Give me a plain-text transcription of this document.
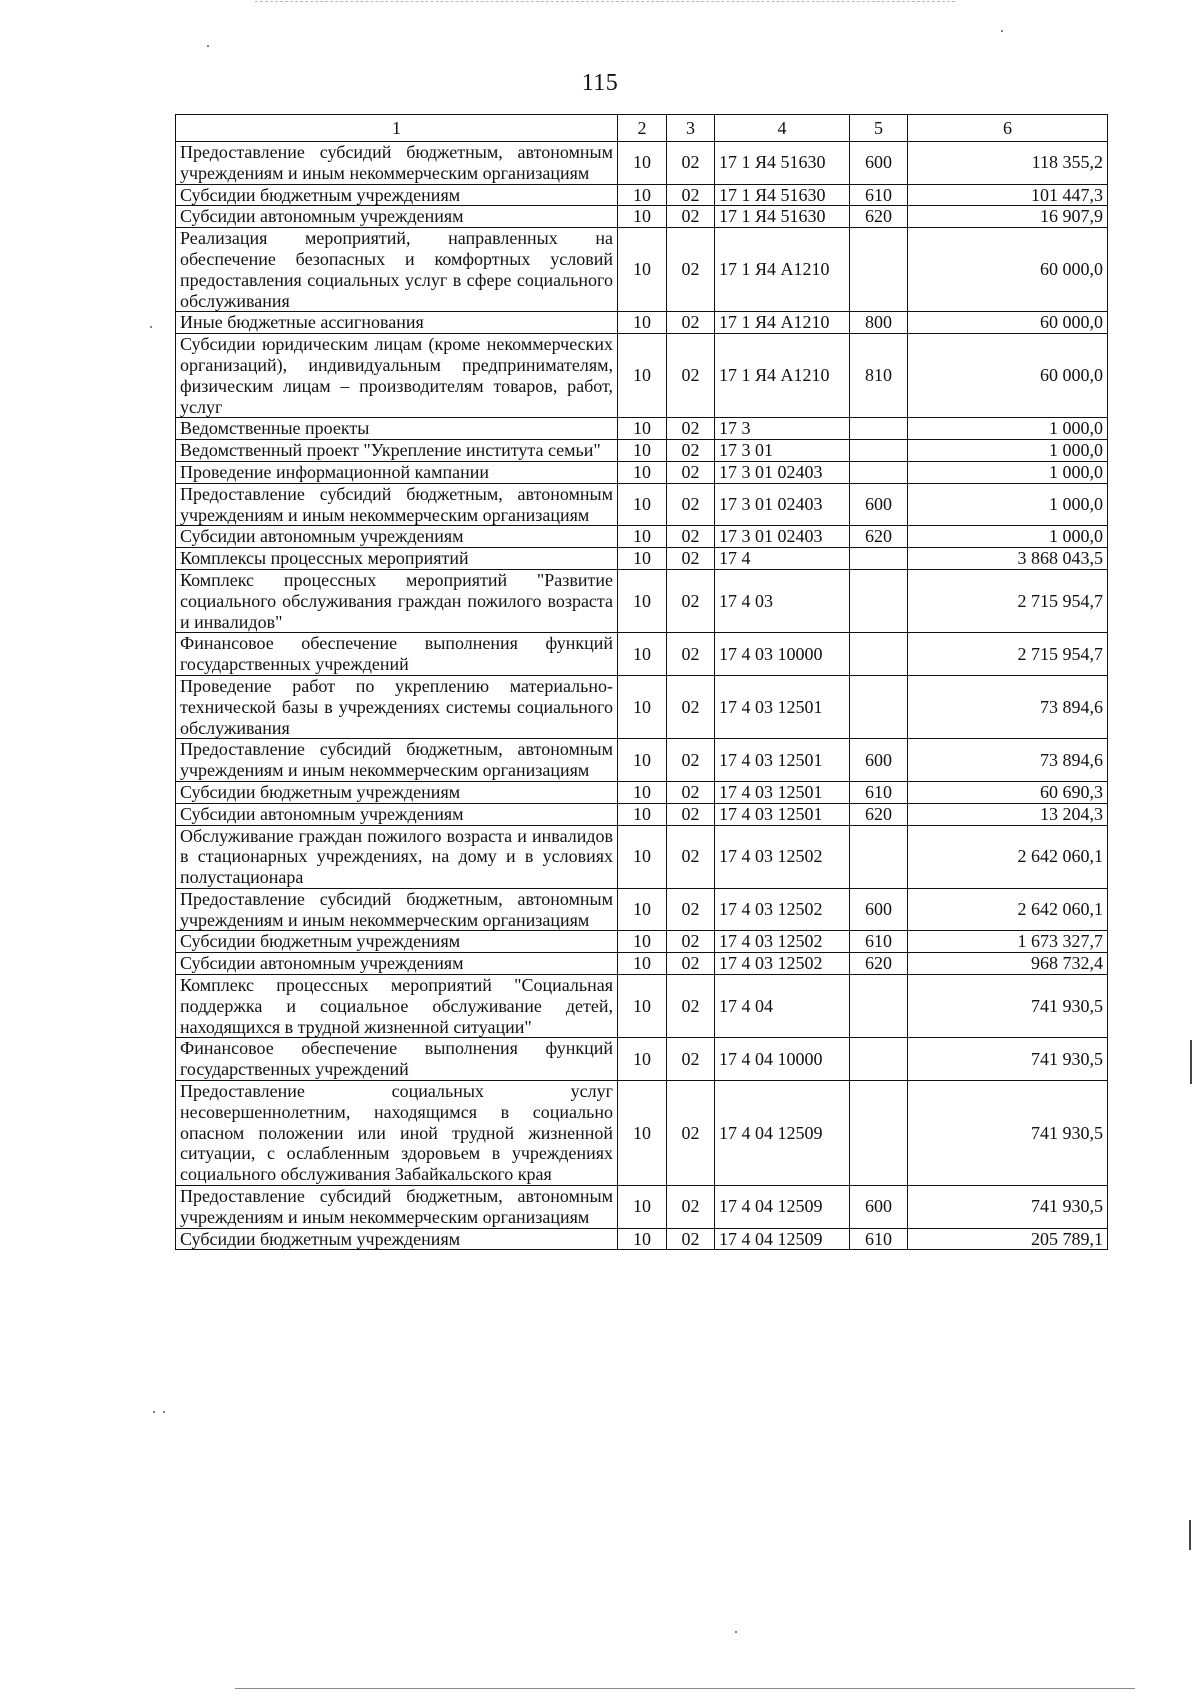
115
1	2	3	4	5	6
Предоставление субсидий бюджетным, автономным учреждениям и иным некоммерческим организациям	10	02	17 1 Я4 51630	600	118 355,2
Субсидии бюджетным учреждениям	10	02	17 1 Я4 51630	610	101 447,3
Субсидии автономным учреждениям	10	02	17 1 Я4 51630	620	16 907,9
Реализация мероприятий, направленных на обеспечение безопасных и комфортных условий предоставления социальных услуг в сфере социального обслуживания	10	02	17 1 Я4 А1210		60 000,0
Иные бюджетные ассигнования	10	02	17 1 Я4 А1210	800	60 000,0
Субсидии юридическим лицам (кроме некоммерческих организаций), индивидуальным предпринимателям, физическим лицам – производителям товаров, работ, услуг	10	02	17 1 Я4 А1210	810	60 000,0
Ведомственные проекты	10	02	17 3		1 000,0
Ведомственный проект "Укрепление института семьи"	10	02	17 3 01		1 000,0
Проведение информационной кампании	10	02	17 3 01 02403		1 000,0
Предоставление субсидий бюджетным, автономным учреждениям и иным некоммерческим организациям	10	02	17 3 01 02403	600	1 000,0
Субсидии автономным учреждениям	10	02	17 3 01 02403	620	1 000,0
Комплексы процессных мероприятий	10	02	17 4		3 868 043,5
Комплекс процессных мероприятий "Развитие социального обслуживания граждан пожилого возраста и инвалидов"	10	02	17 4 03		2 715 954,7
Финансовое обеспечение выполнения функций государственных учреждений	10	02	17 4 03 10000		2 715 954,7
Проведение работ по укреплению материально-технической базы в учреждениях системы социального обслуживания	10	02	17 4 03 12501		73 894,6
Предоставление субсидий бюджетным, автономным учреждениям и иным некоммерческим организациям	10	02	17 4 03 12501	600	73 894,6
Субсидии бюджетным учреждениям	10	02	17 4 03 12501	610	60 690,3
Субсидии автономным учреждениям	10	02	17 4 03 12501	620	13 204,3
Обслуживание граждан пожилого возраста и инвалидов в стационарных учреждениях, на дому и в условиях полустационара	10	02	17 4 03 12502		2 642 060,1
Предоставление субсидий бюджетным, автономным учреждениям и иным некоммерческим организациям	10	02	17 4 03 12502	600	2 642 060,1
Субсидии бюджетным учреждениям	10	02	17 4 03 12502	610	1 673 327,7
Субсидии автономным учреждениям	10	02	17 4 03 12502	620	968 732,4
Комплекс процессных мероприятий "Социальная поддержка и социальное обслуживание детей, находящихся в трудной жизненной ситуации"	10	02	17 4 04		741 930,5
Финансовое обеспечение выполнения функций государственных учреждений	10	02	17 4 04 10000		741 930,5
Предоставление социальных услуг несовершеннолетним, находящимся в социально опасном положении или иной трудной жизненной ситуации, с ослабленным здоровьем в учреждениях социального обслуживания Забайкальского края	10	02	17 4 04 12509		741 930,5
Предоставление субсидий бюджетным, автономным учреждениям и иным некоммерческим организациям	10	02	17 4 04 12509	600	741 930,5
Субсидии бюджетным учреждениям	10	02	17 4 04 12509	610	205 789,1
